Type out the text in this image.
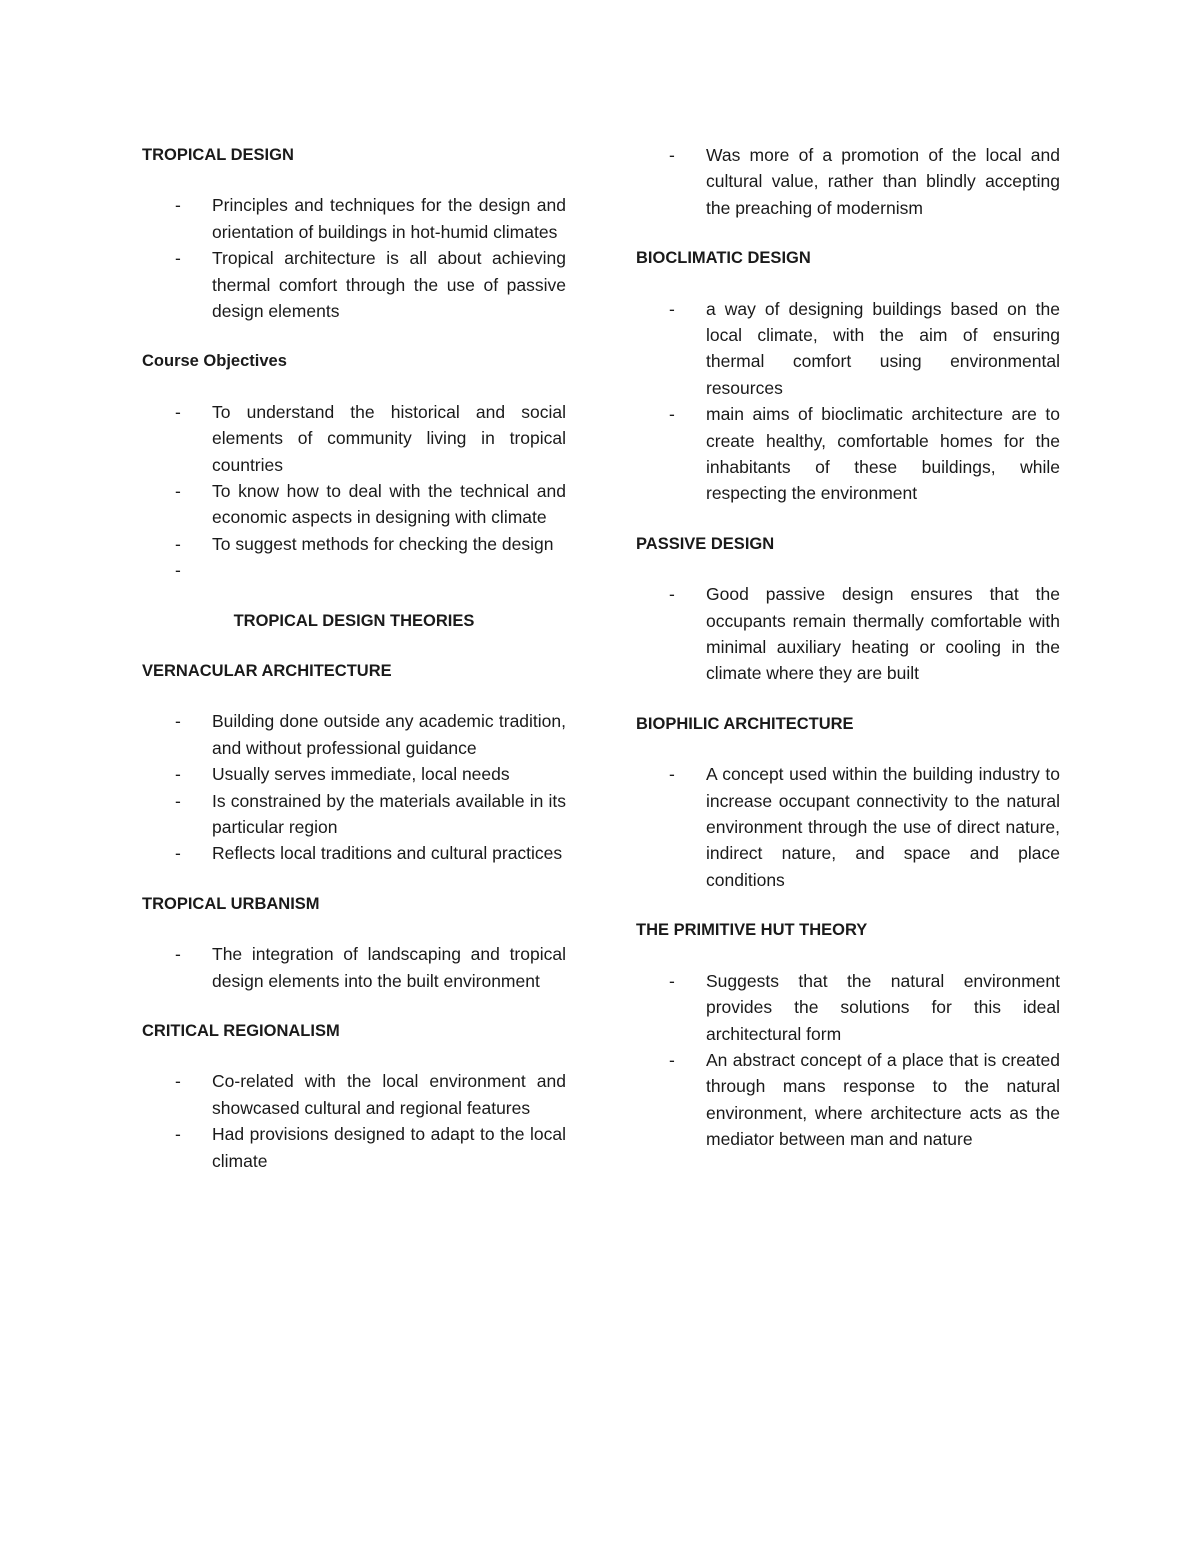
TROPICAL DESIGN
- Principles and techniques for the design and orientation of buildings in hot-humid climates
- Tropical architecture is all about achieving thermal comfort through the use of passive design elements
Course Objectives
- To understand the historical and social elements of community living in tropical countries
- To know how to deal with the technical and economic aspects in designing with climate
- To suggest methods for checking the design
-
TROPICAL DESIGN THEORIES
VERNACULAR ARCHITECTURE
- Building done outside any academic tradition, and without professional guidance
- Usually serves immediate, local needs
- Is constrained by the materials available in its particular region
- Reflects local traditions and cultural practices
TROPICAL URBANISM
- The integration of landscaping and tropical design elements into the built environment
CRITICAL REGIONALISM
- Co-related with the local environment and showcased cultural and regional features
- Had provisions designed to adapt to the local climate
- Was more of a promotion of the local and cultural value, rather than blindly accepting the preaching of modernism
BIOCLIMATIC DESIGN
- a way of designing buildings based on the local climate, with the aim of ensuring thermal comfort using environmental resources
- main aims of bioclimatic architecture are to create healthy, comfortable homes for the inhabitants of these buildings, while respecting the environment
PASSIVE DESIGN
- Good passive design ensures that the occupants remain thermally comfortable with minimal auxiliary heating or cooling in the climate where they are built
BIOPHILIC ARCHITECTURE
- A concept used within the building industry to increase occupant connectivity to the natural environment through the use of direct nature, indirect nature, and space and place conditions
THE PRIMITIVE HUT THEORY
- Suggests that the natural environment provides the solutions for this ideal architectural form
- An abstract concept of a place that is created through mans response to the natural environment, where architecture acts as the mediator between man and nature
